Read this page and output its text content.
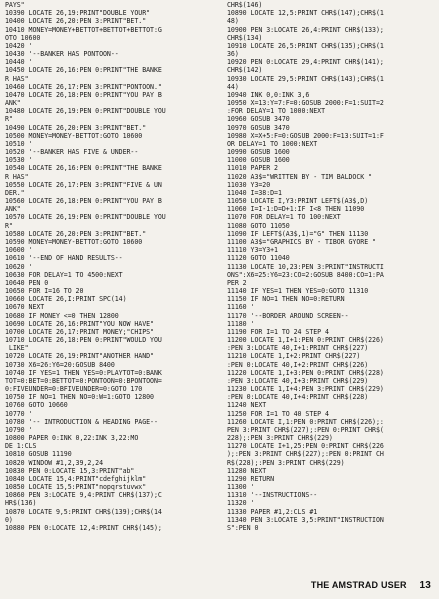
PAYS"
10390 LOCATE 26,19:PRINT"DOUBLE YOUR"
10400 LOCATE 26,20:PEN 3:PRINT"BET."
10410 MONEY=MONEY+BETTOT+BETTOT+BETTOT:G
OTO 10600
10420 '
10430 '--BANKER HAS PONTOON--
10440 '
10450 LOCATE 26,16:PEN 0:PRINT"THE BANKE
R HAS"
10460 LOCATE 26,17:PEN 3:PRINT"PONTOON."
10470 LOCATE 26,18:PEN 0:PRINT"YOU PAY B
ANK"
10480 LOCATE 26,19:PEN 0:PRINT"DOUBLE YOU
R"
10490 LOCATE 26,20:PEN 3:PRINT"BET."
10500 MONEY=MONEY-BETTOT:GOTO 10600
10510 '
10520 '--BANKER HAS FIVE & UNDER--
10530 '
10540 LOCATE 26,16:PEN 0:PRINT"THE BANKE
R HAS"
10550 LOCATE 26,17:PEN 3:PRINT"FIVE & UN
DER."
10560 LOCATE 26,18:PEN 0:PRINT"YOU PAY B
ANK"
10570 LOCATE 26,19:PEN 0:PRINT"DOUBLE YOU
R"
10580 LOCATE 26,20:PEN 3:PRINT"BET."
10590 MONEY=MONEY-BETTOT:GOTO 10600
10600 '
10610 '--END OF HAND RESULTS--
10620 '
10630 FOR DELAY=1 TO 4500:NEXT
10640 PEN 0
10650 FOR I=16 TO 20
10660 LOCATE 26,I:PRINT SPC(14)
10670 NEXT
10680 IF MONEY <=0 THEN 12800
10690 LOCATE 26,16:PRINT"YOU NOW HAVE"
10700 LOCATE 26,17:PRINT MONEY;"CHIPS"
10710 LOCATE 26,18:PEN 0:PRINT"WOULD YOU
LIKE"
10720 LOCATE 26,19:PRINT"ANOTHER HAND"
10730 X6=26:Y6=20:GOSUB 8400
10740 IF YES=1 THEN YES=0:PLAYTOT=0:BANK
TOT=0:BET=0:BETTOT=0:PONTOON=0:BPONTOON=
0:FIVEUNDER=0:BFIVEUNDER=0:GOTO 170
10750 IF NO=1 THEN NO=0:W=1:GOTO 12800
10760 GOTO 10660
10770 '
10780 '-- INTRODUCTION & HEADING PAGE--
10790 '
10800 PAPER 0:INK 0,22:INK 3,22:MO
DE 1:CLS
10810 GOSUB 11190
10820 WINDOW #1,2,39,2,24
10830 PEN 0:LOCATE 15,3:PRINT"ab"
10840 LOCATE 15,4:PRINT"cdefghijklm"
10850 LOCATE 15,5:PRINT"nopqrstuvwx"
10860 PEN 3:LOCATE 9,4:PRINT CHR$(137);C
HR$(136)
10870 LOCATE 9,5:PRINT CHR$(139);CHR$(14
0)
10880 PEN 0:LOCATE 12,4:PRINT CHR$(145);
CHR$(146)
10890 LOCATE 12,5:PRINT CHR$(147);CHR$(1
48)
10900 PEN 3:LOCATE 26,4:PRINT CHR$(133);
CHR$(134)
10910 LOCATE 26,5:PRINT CHR$(135);CHR$(1
36)
10920 PEN 0:LOCATE 29,4:PRINT CHR$(141);
CHR$(142)
10930 LOCATE 29,5:PRINT CHR$(143);CHR$(1
44)
10940 INK 0,0:INK 3,6
10950 X=13:Y=7:F=0:GOSUB 2000:F=1:SUIT=2
:FOR DELAY=1 TO 1000:NEXT
10960 GOSUB 3470
10970 GOSUB 3470
10980 X=X+5:F=0:GOSUB 2000:F=13:SUIT=1:F
OR DELAY=1 TO 1000:NEXT
10990 GOSUB 1600
11000 GOSUB 1600
11010 PAPER 2
11020 A3$="WRITTEN BY - TIM BALDOCK "
11030 Y3=20
11040 I=38:D=1
11050 LOCATE I,Y3:PRINT LEFT$(A3$,D)
11060 I=I-1:D=D+1:IF I<8 THEN 11090
11070 FOR DELAY=1 TO 100:NEXT
11080 GOTO 11050
11090 IF LEFT$(A3$,1)="G" THEN 11130
11100 A3$="GRAPHICS BY - TIBOR GYORE "
11110 Y3=Y3+1
11120 GOTO 11040
11130 LOCATE 10,23:PEN 3:PRINT"INSTRUCTI
ONS":X6=25:Y6=23:CO=2:GOSUB 8400:CO=1:PA
PER 2
11140 IF YES=1 THEN YES=0:GOTO 11310
11150 IF NO=1 THEN NO=0:RETURN
11160 '
11170 '--BORDER AROUND SCREEN--
11180 '
11190 FOR I=1 TO 24 STEP 4
11200 LOCATE 1,I+1:PEN 0:PRINT CHR$(226)
:PEN 3:LOCATE 40,I+1:PRINT CHR$(227)
11210 LOCATE 1,I+2:PRINT CHR$(227)
:PEN 0:LOCATE 40,I+2:PRINT CHR$(226)
11220 LOCATE 1,I+3:PEN 0:PRINT CHR$(228)
:PEN 3:LOCATE 40,I+3:PRINT CHR$(229)
11230 LOCATE 1,I+4:PEN 3:PRINT CHR$(229)
:PEN 0:LOCATE 40,I+4:PRINT CHR$(228)
11240 NEXT
11250 FOR I=1 TO 40 STEP 4
11260 LOCATE I,1:PEN 0:PRINT CHR$(226);:
PEN 3:PRINT CHR$(227);:PEN 0:PRINT CHR$(
228);:PEN 3:PRINT CHR$(229)
11270 LOCATE I+1,25:PEN 0:PRINT CHR$(226
);:PEN 3:PRINT CHR$(227);:PEN 0:PRINT CH
R$(228);:PEN 3:PRINT CHR$(229)
11280 NEXT
11290 RETURN
11300 '
11310 '--INSTRUCTIONS--
11320 '
11330 PAPER #1,2:CLS #1
11340 PEN 3:LOCATE 3,5:PRINT"INSTRUCTION
S":PEN 0
THE AMSTRAD USER 13
